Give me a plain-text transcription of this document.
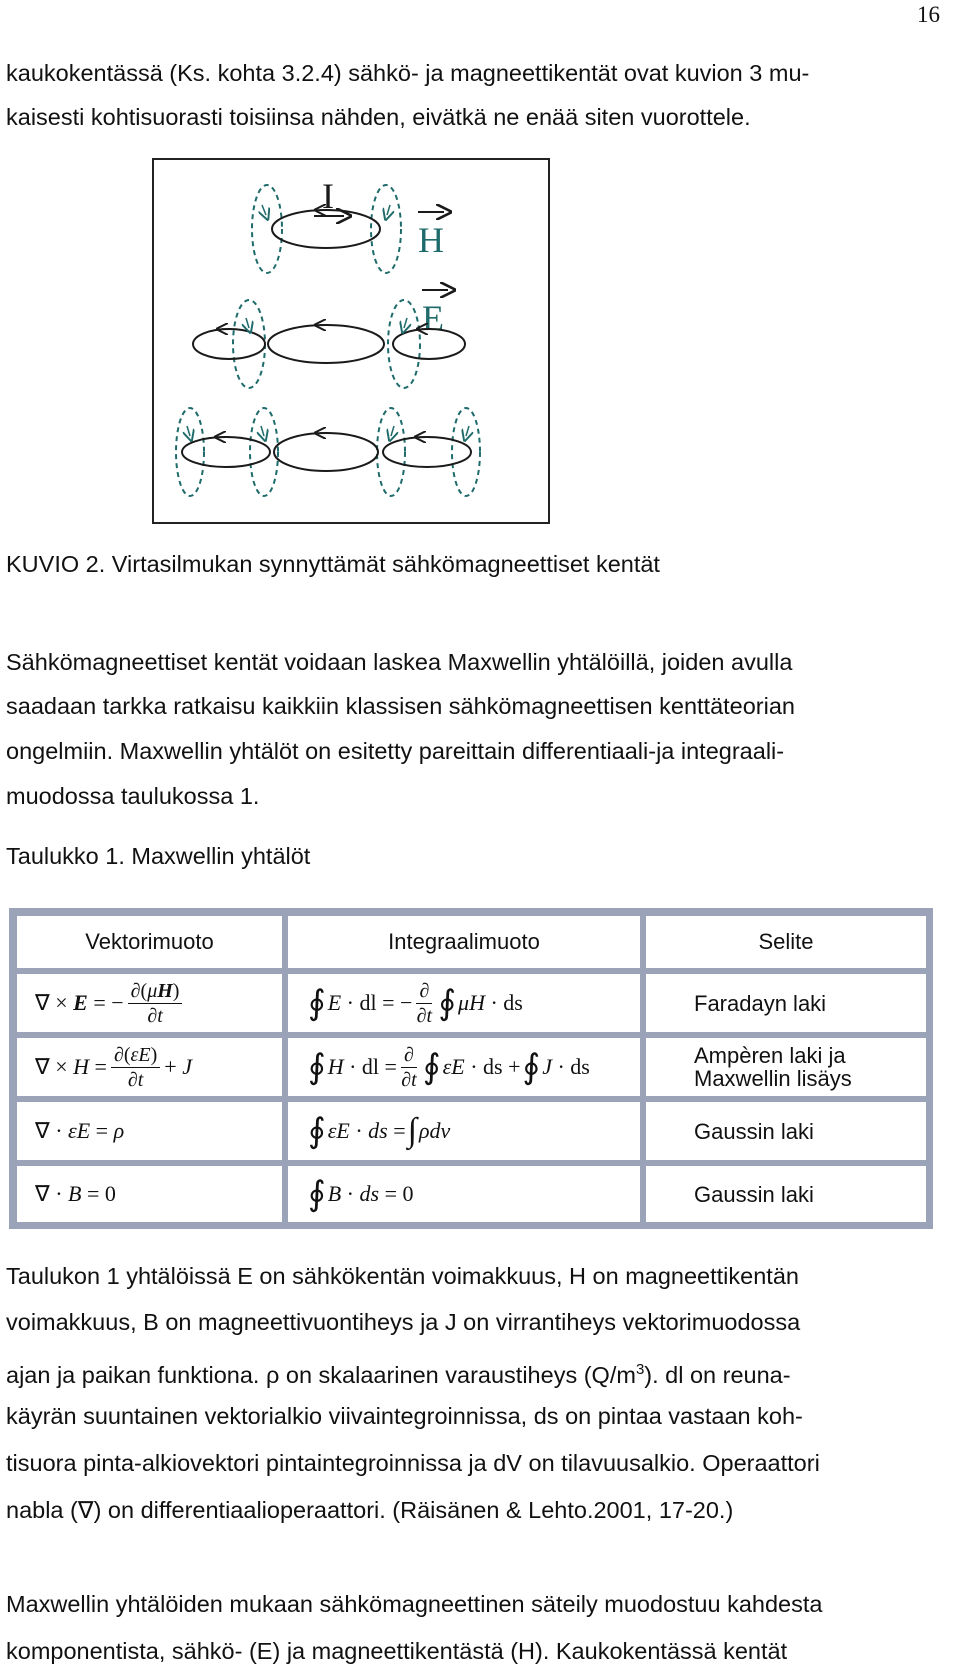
16

kaukokentässä (Ks. kohta 3.2.4) sähkö- ja magneettikentät ovat kuvion 3 mu-

kaisesti kohtisuorasti toisiinsa nähden, eivätkä ne enää siten vuorottele.

I
H
E
KUVIO 2. Virtasilmukan synnyttämät sähkömagneettiset kentät

Sähkömagneettiset kentät voidaan laskea Maxwellin yhtälöillä, joiden avulla

saadaan tarkka ratkaisu kaikkiin klassisen sähkömagneettisen kenttäteorian

ongelmiin. Maxwellin yhtälöt on esitetty pareittain differentiaali-ja integraali-

muodossa taulukossa 1.

Taulukko 1. Maxwellin yhtälöt
Vektorimuoto	Integraalimuoto	Selite
∇ × E = − $\frac{\partial(\mu H)}{\partial t}$	∮ E · dl = − $\frac{\partial}{\partial t}$ ∮ μH · ds	Faradayn laki
∇ × $H = \frac{\partial(\varepsilon E)}{\partial t} + J$	∮ H · dl = $\frac{\partial}{\partial t}$ ∮ εE · ds + ∮ J · ds	Ampèren laki ja
Maxwellin lisäys
∇ · εE = ρ	∮ εE · ds = ∫ ρdv	Gaussin laki
∇ · B = 0	∮ B · ds = 0	Gaussin laki

Taulukon 1 yhtälöissä E on sähkökentän voimakkuus, H on magneettikentän

voimakkuus, B on magneettivuontiheys ja J on virrantiheys vektorimuodossa

ajan ja paikan funktiona. ρ on skalaarinen varaustiheys $(Q/m^3)$. dl on reuna-

käyrän suuntainen vektorialkio viivaintegroinnissa, ds on pintaa vastaan koh-

tisuora pinta-alkiovektori pintaintegroinnissa ja dV on tilavuusalkio. Operaattori

nabla (∇) on differentiaalioperaattori. (Räisänen & Lehto.2001, 17-20.)

Maxwellin yhtälöiden mukaan sähkömagneettinen säteily muodostuu kahdesta

komponentista, sähkö- (E) ja magneettikentästä (H). Kaukokentässä kentät
